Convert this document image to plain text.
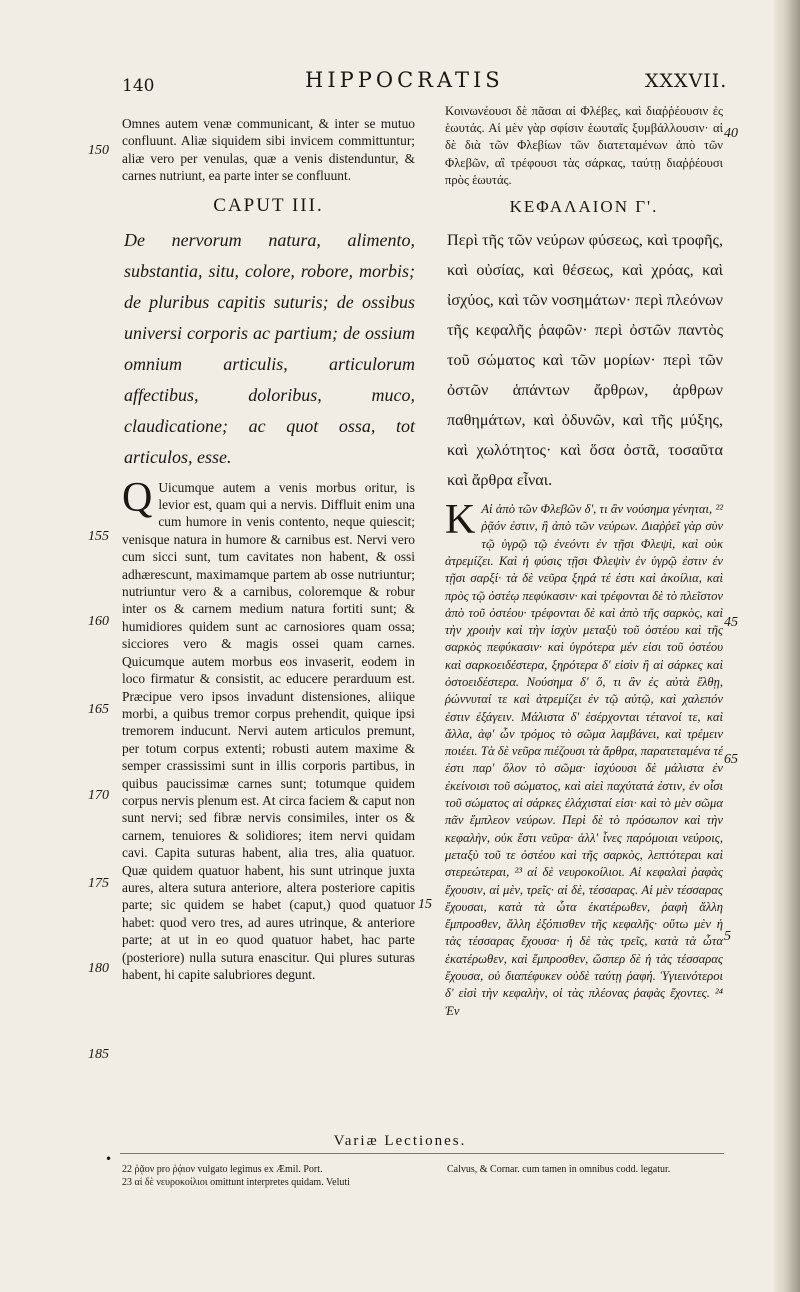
140	HIPPOCRATIS	XXXVII.

Omnes autem venæ communicant, & inter se mutuo confluunt. Aliæ siquidem sibi invicem committuntur; aliæ vero per venulas, quæ a venis distenduntur, & carnes nutriunt, ea parte inter se confluunt.

CAPUT III.

De nervorum natura, alimento, substantia, situ, colore, robore, morbis; de pluribus capitis suturis; de ossibus universi corporis ac partium; de ossium omnium articulis, articulorum affectibus, doloribus, muco, claudicatione; ac quot ossa, tot articulos, esse.

Q Uicumque autem a venis morbus oritur, is levior est, quam qui a nervis. Diffluit enim una cum humore in venis contento, neque quiescit; venisque natura in humore & carnibus est. Nervi vero cum sicci sunt, tum cavitates non habent, & ossi adhærescunt, maximamque partem ab osse nutriuntur; nutriuntur vero & a carnibus, coloremque & robur inter os & carnem medium natura fortiti sunt; & humidiores quidem sunt ac carnosiores quam ossa; sicciores vero & magis ossei quam carnes. Quicumque autem morbus eos invaserit, eodem in loco firmatur & consistit, ac educere perarduum est. Præcipue vero ipsos invadunt distensiones, aliique morbi, a quibus tremor corpus prehendit, quique ipsi tremorem inducunt. Nervi autem articulos premunt, per totum corpus extenti; robusti autem maxime & semper crassissimi sunt in illis corporis partibus, in quibus paucissimæ carnes sunt; totumque quidem corpus nervis plenum est. At circa faciem & caput non sunt nervi; sed fibræ nervis consimiles, inter os & carnem, tenuiores & solidiores; item nervi quidam cavi. Capita suturas habent, alia tres, alia quatuor. Quæ quidem quatuor habent, his sunt utrinque juxta aures, altera sutura anteriore, altera posteriore capitis parte; sic quidem se habet (caput,) quod quatuor habet: quod vero tres, ad aures utrinque, & anteriore parte; at ut in eo quod quatuor habet, hac parte (posteriore) nulla sutura enascitur. Qui plures suturas habent, hi capite salubriores degunt.

Κοινωνέουσι δὲ πᾶσαι αἱ Φλέβες, καὶ διαῤῥέουσιν ἐς ἑωυτάς. Αἱ μὲν γὰρ σφίσιν ἑωυταῖς ξυμβάλλουσιν· αἱ δὲ διὰ τῶν Φλεβίων τῶν διατεταμένων ἀπὸ τῶν Φλεβῶν, αἳ τρέφουσι τὰς σάρκας, ταύτῃ διαῤῥέουσι πρὸς ἑωυτάς.

ΚΕΦΑΛΑΙΟΝ Γ'.

Περὶ τῆς τῶν νεύρων φύσεως, καὶ τροφῆς, καὶ οὐσίας, καὶ θέσεως, καὶ χρόας, καὶ ἰσχύος, καὶ τῶν νοσημάτων· περὶ πλεόνων τῆς κεφαλῆς ῥαφῶν· περὶ ὀστῶν παντὸς τοῦ σώματος καὶ τῶν μορίων· περὶ τῶν ὀστῶν ἁπάντων ἄρθρων, ἀρθρων παθημάτων, καὶ ὀδυνῶν, καὶ τῆς μύξης, καὶ χωλότητος· καὶ ὅσα ὀστᾶ, τοσαῦτα καὶ ἄρθρα εἶναι.

K Αἱ ἀπὸ τῶν Φλεβῶν δ', τι ἂν νούσημα γένηται, ²² ῥᾷόν ἐστιν, ἢ ἀπὸ τῶν νεύρων. Διαῤῥεῖ γὰρ σὺν τῷ ὑγρῷ τῷ ἐνεόντι ἐν τῇσι Φλεψὶ, καὶ οὐκ ἀτρεμίζει. Καὶ ἡ φύσις τῇσι Φλεψὶν ἐν ὑγρῷ ἐστιν ἐν τῇσι σαρξί· τὰ δὲ νεῦρα ξηρά τέ ἐστι καὶ ἀκοίλια, καὶ πρὸς τῷ ὀστέῳ πεφύκασιν· καὶ τρέφονται δὲ τὸ πλεῖστον ἀπὸ τοῦ ὀστέου· τρέφονται δὲ καὶ ἀπὸ τῆς σαρκὸς, καὶ τὴν χροιὴν καὶ τὴν ἰσχὺν μεταξὺ τοῦ ὀστέου καὶ τῆς σαρκὸς πεφύκασιν· καὶ ὑγρότερα μέν εἰσι τοῦ ὀστέου καὶ σαρκοειδέστερα, ξηρότερα δ' εἰσὶν ἢ αἱ σάρκες καὶ ὀστοειδέστερα. Νούσημα δ' ὅ, τι ἂν ἐς αὐτὰ ἔλθῃ, ῥώννυταί τε καὶ ἀτρεμίζει ἐν τῷ αὐτῷ, καὶ χαλεπόν ἐστιν ἐξάγειν. Μάλιστα δ' ἐσέρχονται τέτανοί τε, καὶ ἄλλα, ἀφ' ὧν τρόμος τὸ σῶμα λαμβάνει, καὶ τρέμειν ποιέει. Τὰ δὲ νεῦρα πιέζουσι τὰ ἄρθρα, παρατεταμένα τέ ἐστι παρ' ὅλον τὸ σῶμα· ἰσχύουσι δὲ μάλιστα ἐν ἐκείνοισι τοῦ σώματος, καὶ αἰεὶ παχύτατά ἐστιν, ἐν οἷσι τοῦ σώματος αἱ σάρκες ἐλάχισταί εἰσι· καὶ τὸ μὲν σῶμα πᾶν ἔμπλεον νεύρων. Περὶ δὲ τὸ πρόσωπον καὶ τὴν κεφαλὴν, οὐκ ἔστι νεῦρα· ἀλλ' ἶνες παρόμοιαι νεύροις, μεταξὺ τοῦ τε ὀστέου καὶ τῆς σαρκὸς, λεπτότεραι καὶ στερεώτεραι, ²³ αἱ δὲ νευροκοίλιοι. Αἱ κεφαλαὶ ῥαφὰς ἔχουσιν, αἱ μὲν, τρεῖς· αἱ δὲ, τέσσαρας. Αἱ μὲν τέσσαρας ἔχουσαι, κατὰ τὰ ὦτα ἑκατέρωθεν, ῥαφὴ ἄλλη ἔμπροσθεν, ἄλλη ἐξόπισθεν τῆς κεφαλῆς· οὕτω μὲν ἡ τὰς τέσσαρας ἔχουσα· ἡ δὲ τὰς τρεῖς, κατὰ τὰ ὦτα ἑκατέρωθεν, καὶ ἔμπροσθεν, ὥσπερ δὲ ἡ τὰς τέσσαρας ἔχουσα, οὐ διαπέφυκεν οὐδὲ ταύτῃ ῥαφή. Ὑγιεινότεροι δ' εἰσὶ τὴν κεφαλὴν, οἱ τὰς πλέονας ῥαφὰς ἔχοντες. ²⁴ Ἐν
150
155
160
165
170
175
180
185
40
45
65
5
15
Variæ Lectiones.
•

22 ῥᾷον pro ῥᾴιον vulgato legimus ex Æmil. Port.

23 αἱ δὲ νευροκοίλιοι omittunt interpretes quidam. Veluti

Calvus, & Cornar. cum tamen in omnibus codd. legatur.
